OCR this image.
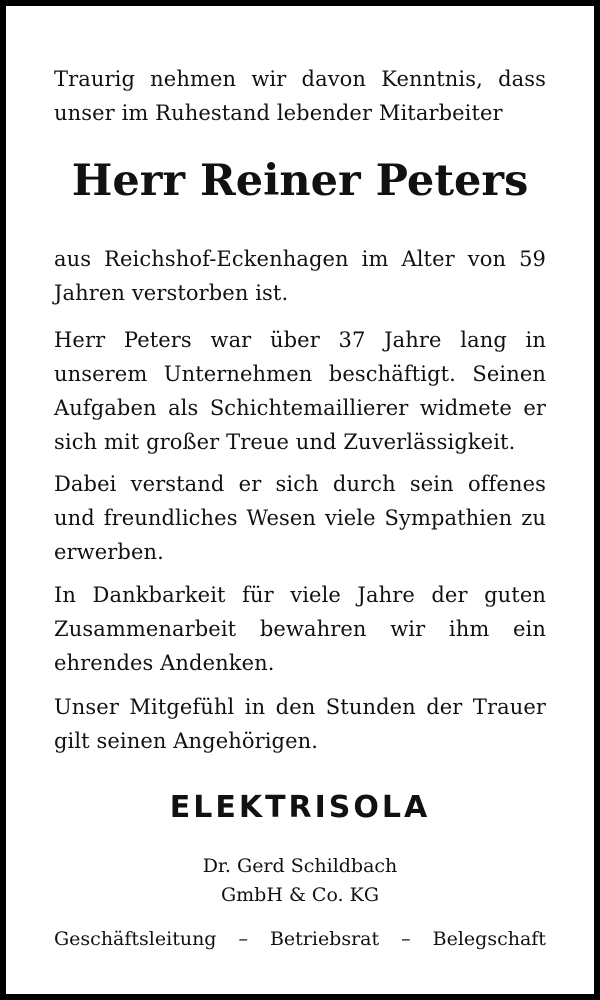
Traurig nehmen wir davon Kenntnis, dass unser im Ruhestand lebender Mitarbeiter

Herr Reiner Peters

aus Reichshof-Eckenhagen im Alter von 59 Jahren verstorben ist.

Herr Peters war über 37 Jahre lang in unserem Unternehmen beschäftigt. Seinen Aufgaben als Schichtemaillierer widmete er sich mit großer Treue und Zuverlässigkeit.

Dabei verstand er sich durch sein offenes und freundliches Wesen viele Sympathien zu erwerben.

In Dankbarkeit für viele Jahre der guten Zusammenarbeit bewahren wir ihm ein ehrendes Andenken.

Unser Mitgefühl in den Stunden der Trauer gilt seinen Angehörigen.

ELEKTRISOLA

Dr. Gerd Schildbach

GmbH & Co. KG

Geschäftsleitung – Betriebsrat – Belegschaft
